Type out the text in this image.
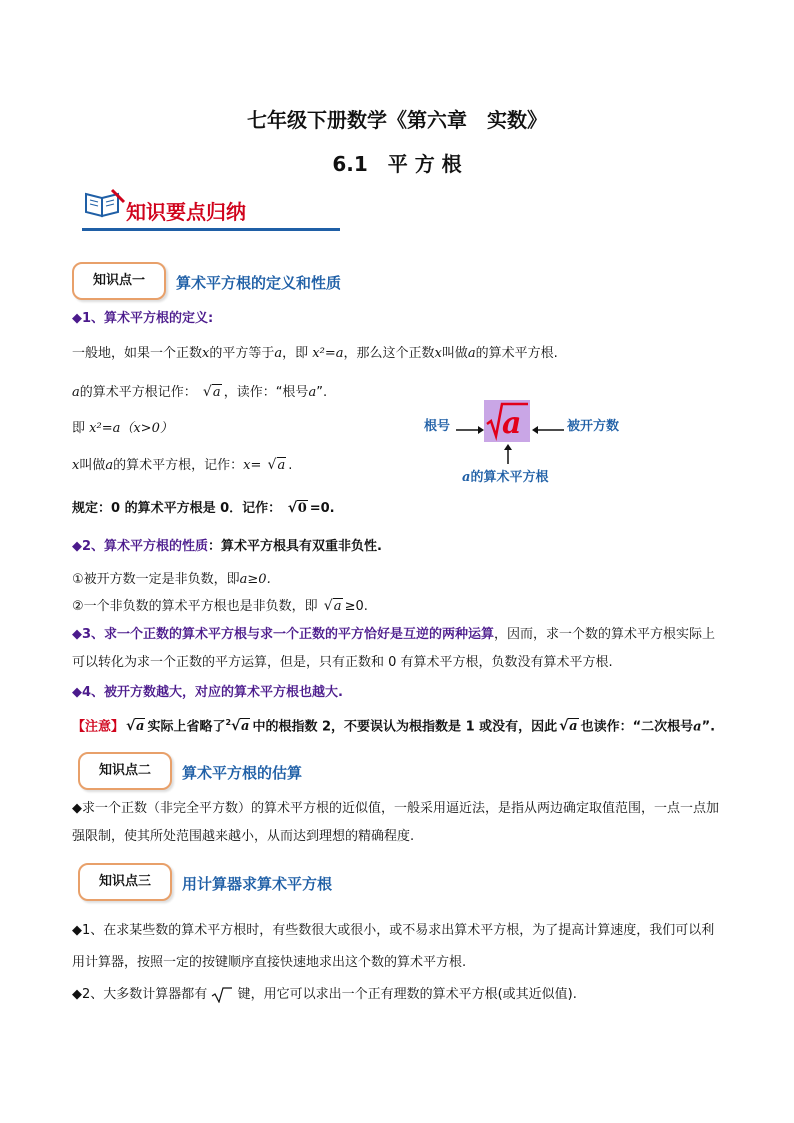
七年级下册数学《第六章　实数》
6.1　平 方 根
知识要点归纳
知识点一	算术平方根的定义和性质
◆1、算术平方根的定义:
一般地，如果一个正数x的平方等于a，即 x²=a，那么这个正数x叫做a的算术平方根.
a的算术平方根记作： √ a ，读作：“根号a”.
即 x²=a（x>0）
x叫做a的算术平方根，记作：x= √ a .
根号 a	被开方数
a的算术平方根
规定：0 的算术平方根是 0．记作： √ 0 =0.
◆2、算术平方根的性质：算术平方根具有双重非负性.
①被开方数一定是非负数，即a≥0.
②一个非负数的算术平方根也是非负数，即 √ a ≥0.
◆3、求一个正数的算术平方根与求一个正数的平方恰好是互逆的两种运算，因而，求一个数的算术平方根实际上可以转化为求一个正数的平方运算，但是，只有正数和 0 有算术平方根，负数没有算术平方根.
◆4、被开方数越大，对应的算术平方根也越大.
【注意】 √ a 实际上省略了$^2$ √ a 中的根指数 2，不要误认为根指数是 1 或没有，因此 √ a 也读作：“二次根号a”.
知识点二	算术平方根的估算
◆求一个正数（非完全平方数）的算术平方根的近似值，一般采用逼近法，是指从两边确定取值范围，一点一点加强限制，使其所处范围越来越小，从而达到理想的精确程度.
知识点三	用计算器求算术平方根
◆1、在求某些数的算术平方根时，有些数很大或很小，或不易求出算术平方根，为了提高计算速度，我们可以利用计算器，按照一定的按键顺序直接快速地求出这个数的算术平方根.
◆2、大多数计算器都有 键，用它可以求出一个正有理数的算术平方根(或其近似值).
